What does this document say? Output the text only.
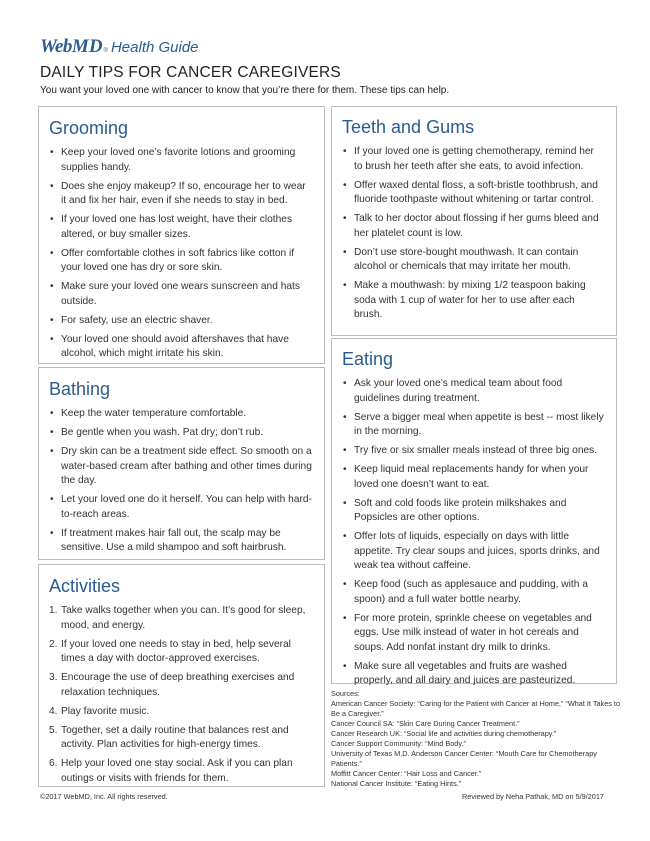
Web MD ® Health Guide
DAILY TIPS FOR CANCER CAREGIVERS
You want your loved one with cancer to know that you’re there for them. These tips can help.
Grooming
• Keep your loved one’s favorite lotions and grooming supplies handy.
• Does she enjoy makeup? If so, encourage her to wear it and fix her hair, even if she needs to stay in bed.
• If your loved one has lost weight, have their clothes altered, or buy smaller sizes.
• Offer comfortable clothes in soft fabrics like cotton if your loved one has dry or sore skin.
• Make sure your loved one wears sunscreen and hats outside.
• For safety, use an electric shaver.
• Your loved one should avoid aftershaves that have alcohol, which might irritate his skin.
Bathing
• Keep the water temperature comfortable.
• Be gentle when you wash. Pat dry; don’t rub.
• Dry skin can be a treatment side effect. So smooth on a water-based cream after bathing and other times during the day.
• Let your loved one do it herself. You can help with hard-to-reach areas.
• If treatment makes hair fall out, the scalp may be sensitive. Use a mild shampoo and soft hairbrush.
Activities
1. Take walks together when you can. It’s good for sleep, mood, and energy.
2. If your loved one needs to stay in bed, help several times a day with doctor-approved exercises.
3. Encourage the use of deep breathing exercises and relaxation techniques.
4. Play favorite music.
5. Together, set a daily routine that balances rest and activity. Plan activities for high-energy times.
6. Help your loved one stay social. Ask if you can plan outings or visits with friends for them.
Teeth and Gums
• If your loved one is getting chemotherapy, remind her to brush her teeth after she eats, to avoid infection.
• Offer waxed dental floss, a soft-bristle toothbrush, and fluoride toothpaste without whitening or tartar control.
• Talk to her doctor about flossing if her gums bleed and her platelet count is low.
• Don’t use store-bought mouthwash. It can contain alcohol or chemicals that may irritate her mouth.
• Make a mouthwash: by mixing 1/2 teaspoon baking soda with 1 cup of water for her to use after each brush.
Eating
• Ask your loved one’s medical team about food guidelines during treatment.
• Serve a bigger meal when appetite is best -- most likely in the morning.
• Try five or six smaller meals instead of three big ones.
• Keep liquid meal replacements handy for when your loved one doesn’t want to eat.
• Soft and cold foods like protein milkshakes and Popsicles are other options.
• Offer lots of liquids, especially on days with little appetite. Try clear soups and juices, sports drinks, and weak tea without caffeine.
• Keep food (such as applesauce and pudding, with a spoon) and a full water bottle nearby.
• For more protein, sprinkle cheese on vegetables and eggs. Use milk instead of water in hot cereals and soups. Add nonfat instant dry milk to drinks.
• Make sure all vegetables and fruits are washed properly, and all dairy and juices are pasteurized.

Sources:

American Cancer Society: “Caring for the Patient with Cancer at Home,” “What It Takes to Be a Caregiver.”

Cancer Council SA: “Skin Care During Cancer Treatment.”

Cancer Research UK: “Social life and activities during chemotherapy.”

Cancer Support Community: “Mind Body.”

University of Texas M.D. Anderson Cancer Center: “Mouth Care for Chemotherapy Patients.”

Moffitt Cancer Center: “Hair Loss and Cancer.”

National Cancer Institute: “Eating Hints.”

©2017 WebMD, Inc. All rights reserved.	Reviewed by Neha Pathak, MD on 5/9/2017
